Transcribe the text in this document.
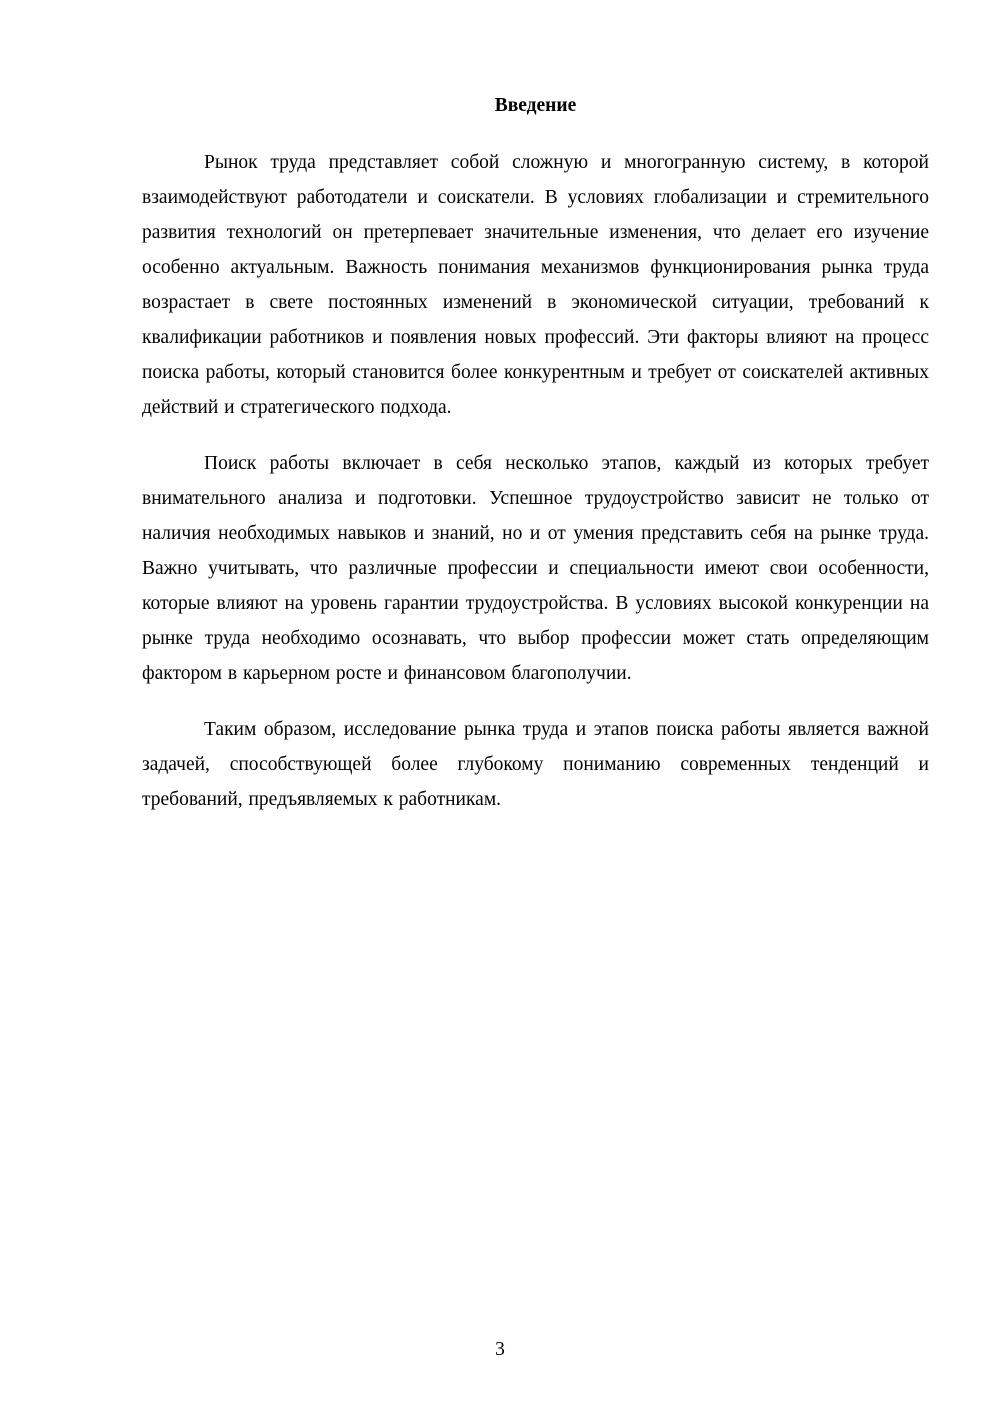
Введение

Рынок труда представляет собой сложную и многогранную систему, в которой взаимодействуют работодатели и соискатели. В условиях глобализации и стремительного развития технологий он претерпевает значительные изменения, что делает его изучение особенно актуальным. Важность понимания механизмов функционирования рынка труда возрастает в свете постоянных изменений в экономической ситуации, требований к квалификации работников и появления новых профессий. Эти факторы влияют на процесс поиска работы, который становится более конкурентным и требует от соискателей активных действий и стратегического подхода.

Поиск работы включает в себя несколько этапов, каждый из которых требует внимательного анализа и подготовки. Успешное трудоустройство зависит не только от наличия необходимых навыков и знаний, но и от умения представить себя на рынке труда. Важно учитывать, что различные профессии и специальности имеют свои особенности, которые влияют на уровень гарантии трудоустройства. В условиях высокой конкуренции на рынке труда необходимо осознавать, что выбор профессии может стать определяющим фактором в карьерном росте и финансовом благополучии.

Таким образом, исследование рынка труда и этапов поиска работы является важной задачей, способствующей более глубокому пониманию современных тенденций и требований, предъявляемых к работникам.

3
